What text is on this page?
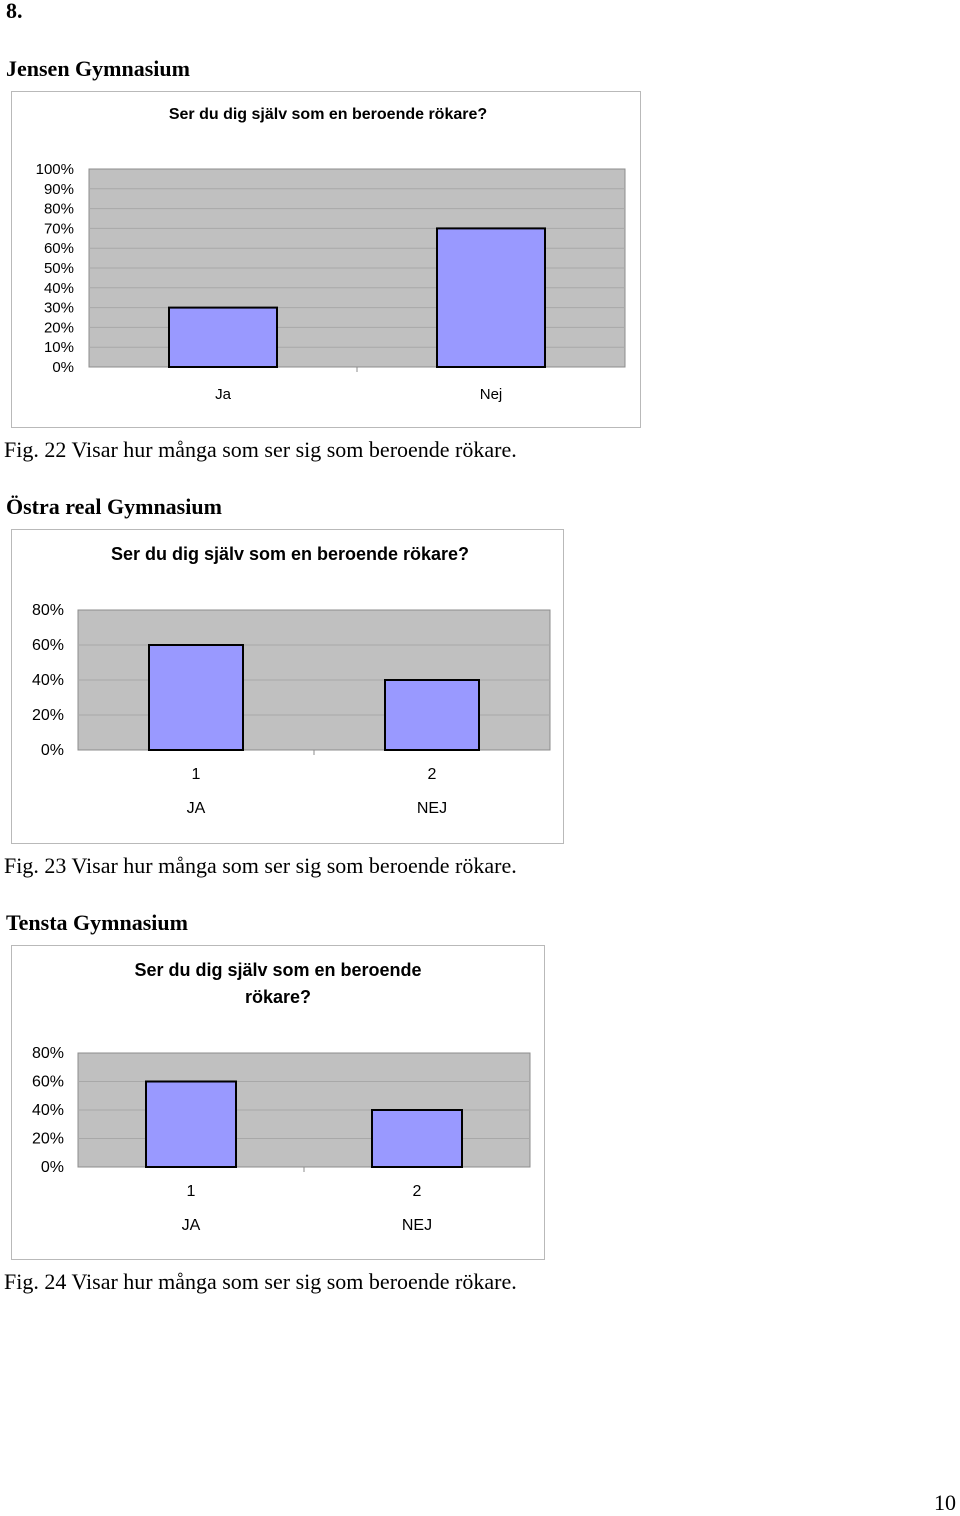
8.
Jensen Gymnasium
Ser du dig själv som en beroende rökare?
0%
10%
20%
30%
40%
50%
60%
70%
80%
90%
100%
Ja	Nej
Fig. 22 Visar hur många som ser sig som beroende rökare.
Östra real Gymnasium
Ser du dig själv som en beroende rökare?
0%
20%
40%
60%
80%
1
JA
2
NEJ
Fig. 23 Visar hur många som ser sig som beroende rökare.
Tensta Gymnasium
Ser du dig själv som en beroende
rökare?
0%
20%
40%
60%
80%
1
JA
2
NEJ
Fig. 24 Visar hur många som ser sig som beroende rökare.
10
